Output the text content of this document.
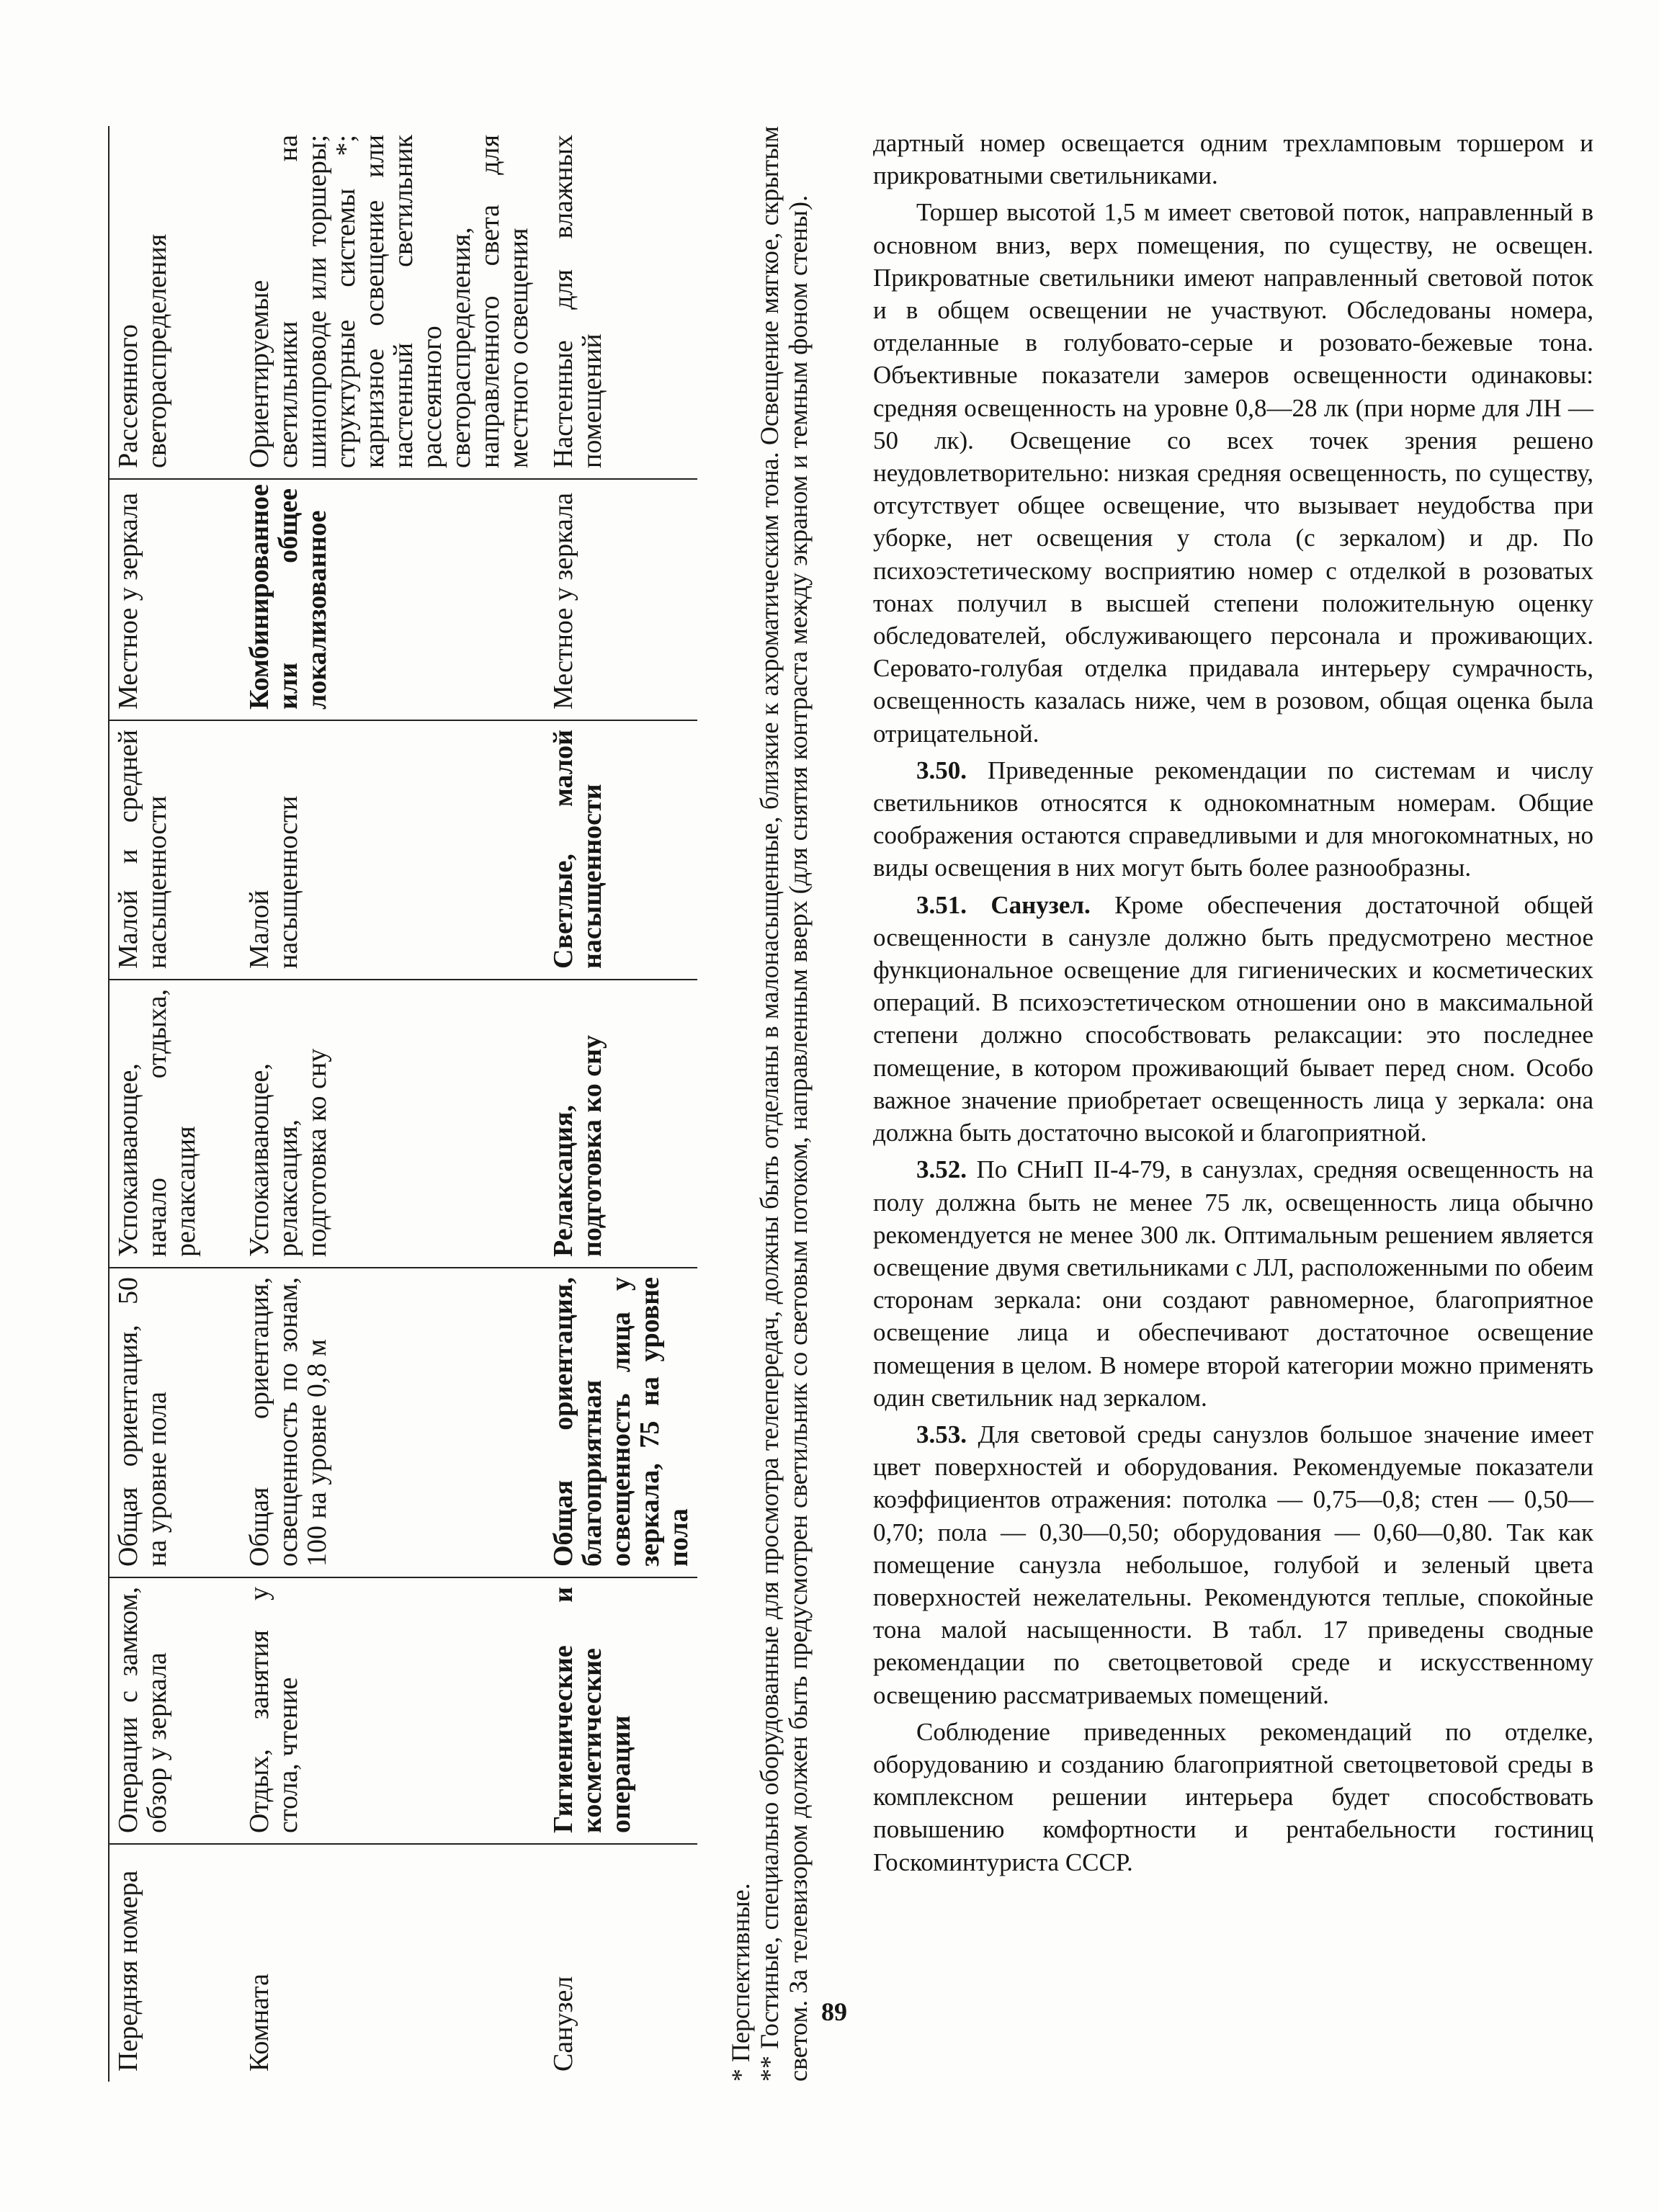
Передняя номера	Операции с замком, обзор у зеркала	Общая ориентация, 50 на уровне пола	Успокаивающее, начало отдыха, релаксация	Малой и средней насыщенности	Местное у зеркала	Рассеянного светораспределения
Комната	Отдых, занятия у стола, чтение	Общая ориентация, освещенность по зонам, 100 на уровне 0,8 м	Успокаивающее, релаксация, подготовка ко сну	Малой насыщенности	Комбинированное или общее локализованное	Ориентируемые светильники на шинопроводе или торшеры; структурные системы *; карнизное освещение или настенный светильник рассеянного светораспределения, направленного света для местного освещения
Санузел	Гигиенические и косметические операции	Общая ориентация, благоприятная освещенность лица у зеркала, 75 на уровне пола	Релаксация, подготовка ко сну	Светлые, малой насыщенности	Местное у зеркала	Настенные для влажных помещений

* Перспективные. ** Гостиные, специально оборудованные для просмотра телепередач, должны быть отделаны в малонасыщенные, близкие к ахроматическим тона. Освещение мягкое, скрытым светом. За телевизором должен быть предусмотрен светильник со световым потоком, направленным вверх (для снятия контраста между экраном и темным фоном стены).

дартный номер освещается одним трехламповым торшером и прикроватными светильниками.

Торшер высотой 1,5 м имеет световой поток, направленный в основном вниз, верх помещения, по существу, не освещен. Прикроватные светильники имеют направленный световой поток и в общем освещении не участвуют. Обследованы номера, отделанные в голубовато-серые и розовато-бежевые тона. Объективные показатели замеров освещенности одинаковы: средняя освещенность на уровне 0,8—28 лк (при норме для ЛН — 50 лк). Освещение со всех точек зрения решено неудовлетворительно: низкая средняя освещенность, по существу, отсутствует общее освещение, что вызывает неудобства при уборке, нет освещения у стола (с зеркалом) и др. По психоэстетическому восприятию номер с отделкой в розоватых тонах получил в высшей степени положительную оценку обследователей, обслуживающего персонала и проживающих. Серовато-голубая отделка придавала интерьеру сумрачность, освещенность казалась ниже, чем в розовом, общая оценка была отрицательной.

3.50. Приведенные рекомендации по системам и числу светильников относятся к однокомнатным номерам. Общие соображения остаются справедливыми и для многокомнатных, но виды освещения в них могут быть более разнообразны.

3.51. Санузел. Кроме обеспечения достаточной общей освещенности в санузле должно быть предусмотрено местное функциональное освещение для гигиенических и косметических операций. В психоэстетическом отношении оно в максимальной степени должно способствовать релаксации: это последнее помещение, в котором проживающий бывает перед сном. Особо важное значение приобретает освещенность лица у зеркала: она должна быть достаточно высокой и благоприятной.

3.52. По СНиП II-4-79, в санузлах, средняя освещенность на полу должна быть не менее 75 лк, освещенность лица обычно рекомендуется не менее 300 лк. Оптимальным решением является освещение двумя светильниками с ЛЛ, расположенными по обеим сторонам зеркала: они создают равномерное, благоприятное освещение лица и обеспечивают достаточное освещение помещения в целом. В номере второй категории можно применять один светильник над зеркалом.

3.53. Для световой среды санузлов большое значение имеет цвет поверхностей и оборудования. Рекомендуемые показатели коэффициентов отражения: потолка — 0,75—0,8; стен — 0,50—0,70; пола — 0,30—0,50; оборудования — 0,60—0,80. Так как помещение санузла небольшое, голубой и зеленый цвета поверхностей нежелательны. Рекомендуются теплые, спокойные тона малой насыщенности. В табл. 17 приведены сводные рекомендации по светоцветовой среде и искусственному освещению рассматриваемых помещений.

Соблюдение приведенных рекомендаций по отделке, оборудованию и созданию благоприятной светоцветовой среды в комплексном решении интерьера будет способствовать повышению комфортности и рентабельности гостиниц Госкоминтуриста СССР.

89
